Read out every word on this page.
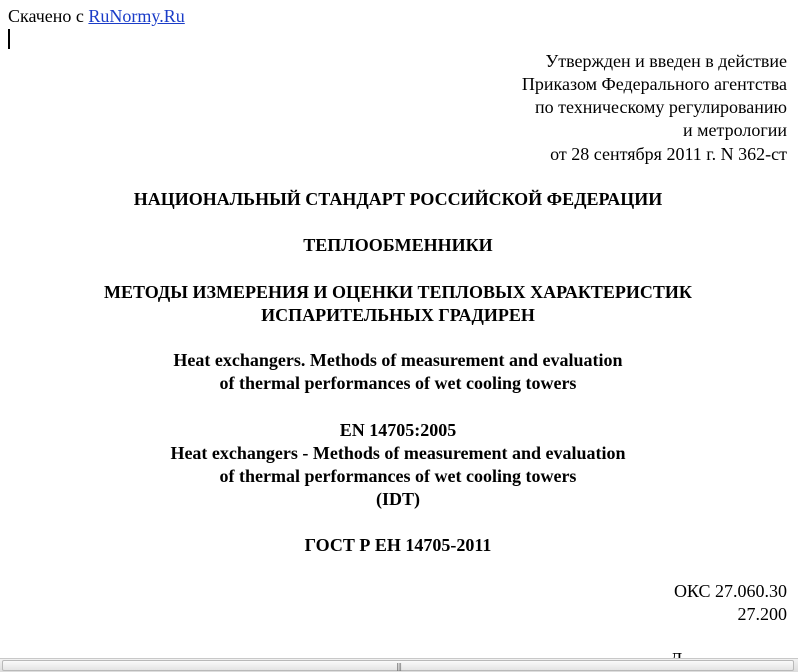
Скачено с RuNormy.Ru
Утвержден и введен в действие
Приказом Федерального агентства
по техническому регулированию
и метрологии
от 28 сентября 2011 г. N 362-ст
НАЦИОНАЛЬНЫЙ СТАНДАРТ РОССИЙСКОЙ ФЕДЕРАЦИИ
ТЕПЛООБМЕННИКИ
МЕТОДЫ ИЗМЕРЕНИЯ И ОЦЕНКИ ТЕПЛОВЫХ ХАРАКТЕРИСТИК
ИСПАРИТЕЛЬНЫХ ГРАДИРЕН
Heat exchangers. Methods of measurement and evaluation
of thermal performances of wet cooling towers
EN 14705:2005
Heat exchangers - Methods of measurement and evaluation
of thermal performances of wet cooling towers
(IDT)
ГОСТ Р ЕН 14705-2011
ОКС 27.060.30
27.200
|||
